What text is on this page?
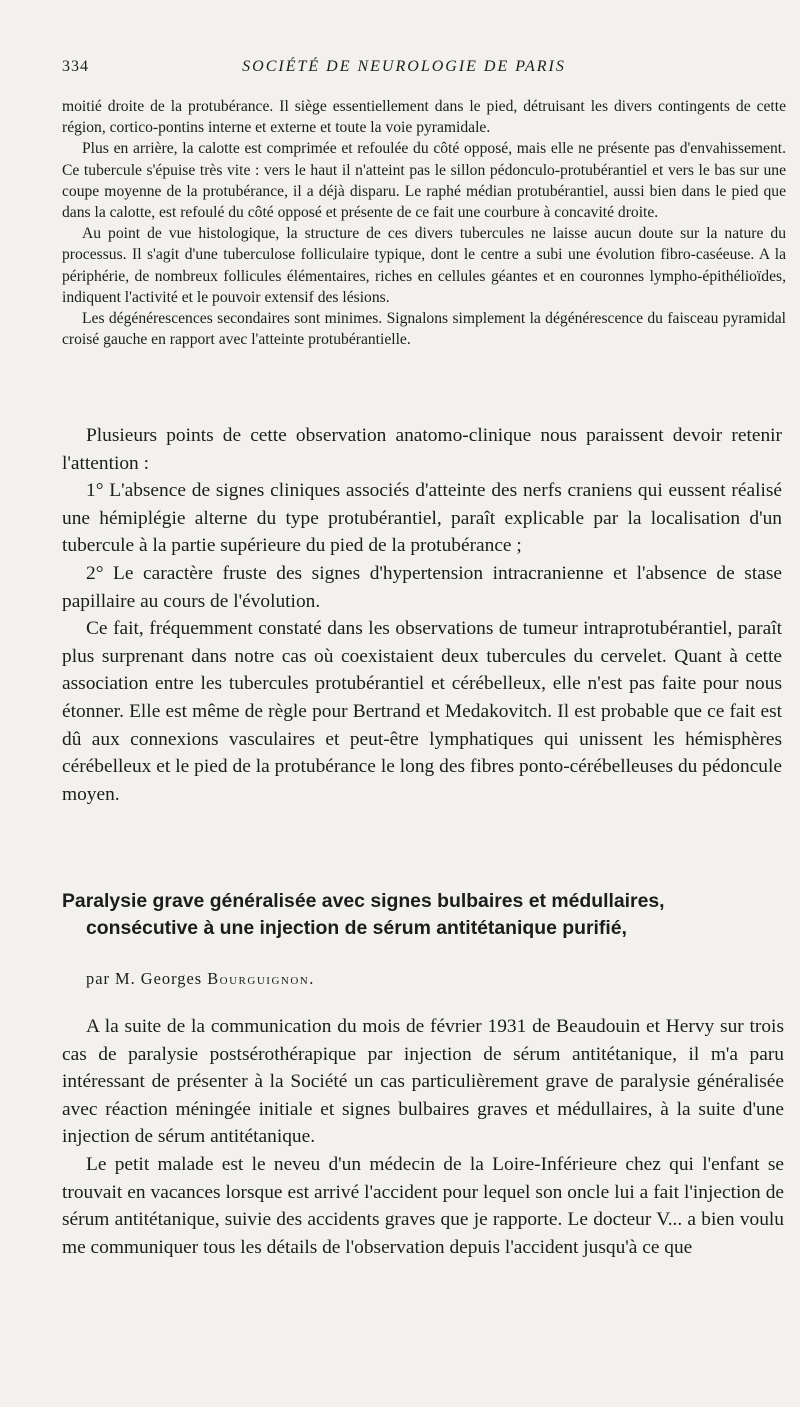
334	SOCIÉTÉ DE NEUROLOGIE DE PARIS

moitié droite de la protubérance. Il siège essentiellement dans le pied, détruisant les divers contingents de cette région, cortico-pontins interne et externe et toute la voie pyramidale.

Plus en arrière, la calotte est comprimée et refoulée du côté opposé, mais elle ne présente pas d'envahissement. Ce tubercule s'épuise très vite : vers le haut il n'atteint pas le sillon pédonculo-protubérantiel et vers le bas sur une coupe moyenne de la protubérance, il a déjà disparu. Le raphé médian protubérantiel, aussi bien dans le pied que dans la calotte, est refoulé du côté opposé et présente de ce fait une courbure à concavité droite.

Au point de vue histologique, la structure de ces divers tubercules ne laisse aucun doute sur la nature du processus. Il s'agit d'une tuberculose folliculaire typique, dont le centre a subi une évolution fibro-caséeuse. A la périphérie, de nombreux follicules élémentaires, riches en cellules géantes et en couronnes lympho-épithélioïdes, indiquent l'activité et le pouvoir extensif des lésions.

Les dégénérescences secondaires sont minimes. Signalons simplement la dégénérescence du faisceau pyramidal croisé gauche en rapport avec l'atteinte protubérantielle.

Plusieurs points de cette observation anatomo-clinique nous paraissent devoir retenir l'attention :

1° L'absence de signes cliniques associés d'atteinte des nerfs craniens qui eussent réalisé une hémiplégie alterne du type protubérantiel, paraît explicable par la localisation d'un tubercule à la partie supérieure du pied de la protubérance ;

2° Le caractère fruste des signes d'hypertension intracranienne et l'absence de stase papillaire au cours de l'évolution.

Ce fait, fréquemment constaté dans les observations de tumeur intraprotubérantiel, paraît plus surprenant dans notre cas où coexistaient deux tubercules du cervelet. Quant à cette association entre les tubercules protubérantiel et cérébelleux, elle n'est pas faite pour nous étonner. Elle est même de règle pour Bertrand et Medakovitch. Il est probable que ce fait est dû aux connexions vasculaires et peut-être lymphatiques qui unissent les hémisphères cérébelleux et le pied de la protubérance le long des fibres ponto-cérébelleuses du pédoncule moyen.

Paralysie grave généralisée avec signes bulbaires et médullaires,
consécutive à une injection de sérum antitétanique purifié,
par M. Georges Bourguignon.

A la suite de la communication du mois de février 1931 de Beaudouin et Hervy sur trois cas de paralysie postsérothérapique par injection de sérum antitétanique, il m'a paru intéressant de présenter à la Société un cas particulièrement grave de paralysie généralisée avec réaction méningée initiale et signes bulbaires graves et médullaires, à la suite d'une injection de sérum antitétanique.

Le petit malade est le neveu d'un médecin de la Loire-Inférieure chez qui l'enfant se trouvait en vacances lorsque est arrivé l'accident pour lequel son oncle lui a fait l'injection de sérum antitétanique, suivie des accidents graves que je rapporte. Le docteur V... a bien voulu me communiquer tous les détails de l'observation depuis l'accident jusqu'à ce que
